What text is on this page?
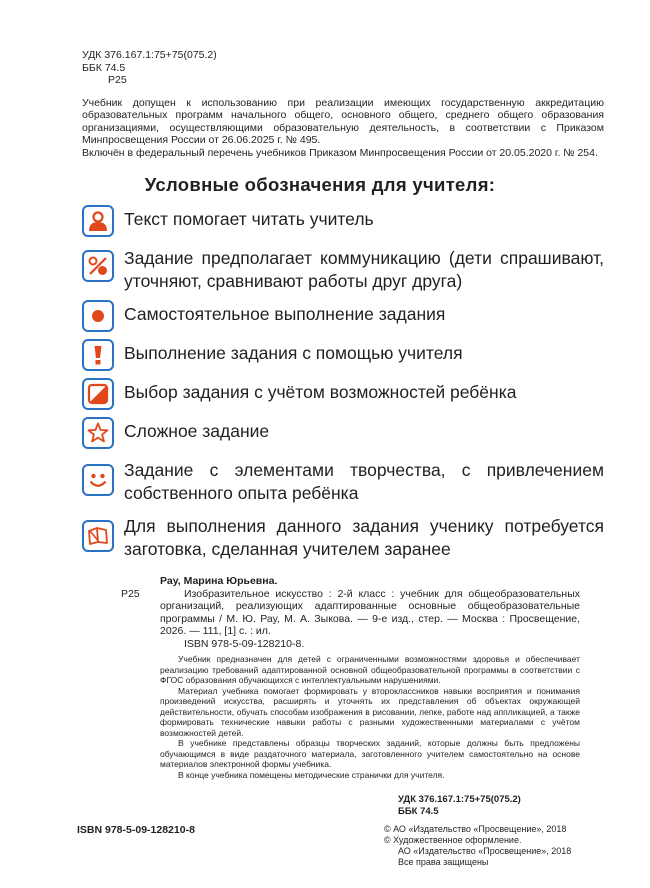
УДК 376.167.1:75+75(075.2)
ББК 74.5
Р25
Учебник допущен к использованию при реализации имеющих государственную аккредитацию образовательных программ начального общего, основного общего, среднего общего образования организациями, осуществляющими образовательную деятельность, в соответствии с Приказом Минпросвещения России от 26.06.2025 г. № 495.
Включён в федеральный перечень учебников Приказом Минпросвещения России от 20.05.2020 г. № 254.
Условные обозначения для учителя:
Текст помогает читать учитель
Задание предполагает коммуникацию (дети спрашивают, уточняют, сравнивают работы друг друга)
Самостоятельное выполнение задания
Выполнение задания с помощью учителя
Выбор задания с учётом возможностей ребёнка
Сложное задание
Задание с элементами творчества, с привлечением собственного опыта ребёнка
Для выполнения данного задания ученику потребуется заготовка, сделанная учителем заранее
Рау, Марина Юрьевна.
Р25	Изобразительное искусство : 2-й класс : учебник для общеобразовательных организаций, реализующих адаптированные основные общеобразовательные программы / М. Ю. Рау, М. А. Зыкова. — 9-е изд., стер. — Москва : Просвещение, 2026. — 111, [1] с. : ил.
ISBN 978-5-09-128210-8.
Учебник предназначен для детей с ограниченными возможностями здоровья и обеспечивает реализацию требований адаптированной основной общеобразовательной программы в соответствии с ФГОС образования обучающихся с интеллектуальными нарушениями.
Материал учебника помогает формировать у второклассников навыки восприятия и понимания произведений искусства, расширять и уточнять их представления об объектах окружающей действительности, обучать способам изображения в рисовании, лепке, работе над аппликацией, а также формировать технические навыки работы с разными художественными материалами с учётом возможностей детей.
В учебнике представлены образцы творческих заданий, которые должны быть предложены обучающимся в виде раздаточного материала, заготовленного учителем самостоятельно на основе материалов электронной формы учебника.
В конце учебника помещены методические странички для учителя.
УДК 376.167.1:75+75(075.2)
ББК 74.5
ISBN 978-5-09-128210-8	© АО «Издательство «Просвещение», 2018
© Художественное оформление.
АО «Издательство «Просвещение», 2018
Все права защищены
